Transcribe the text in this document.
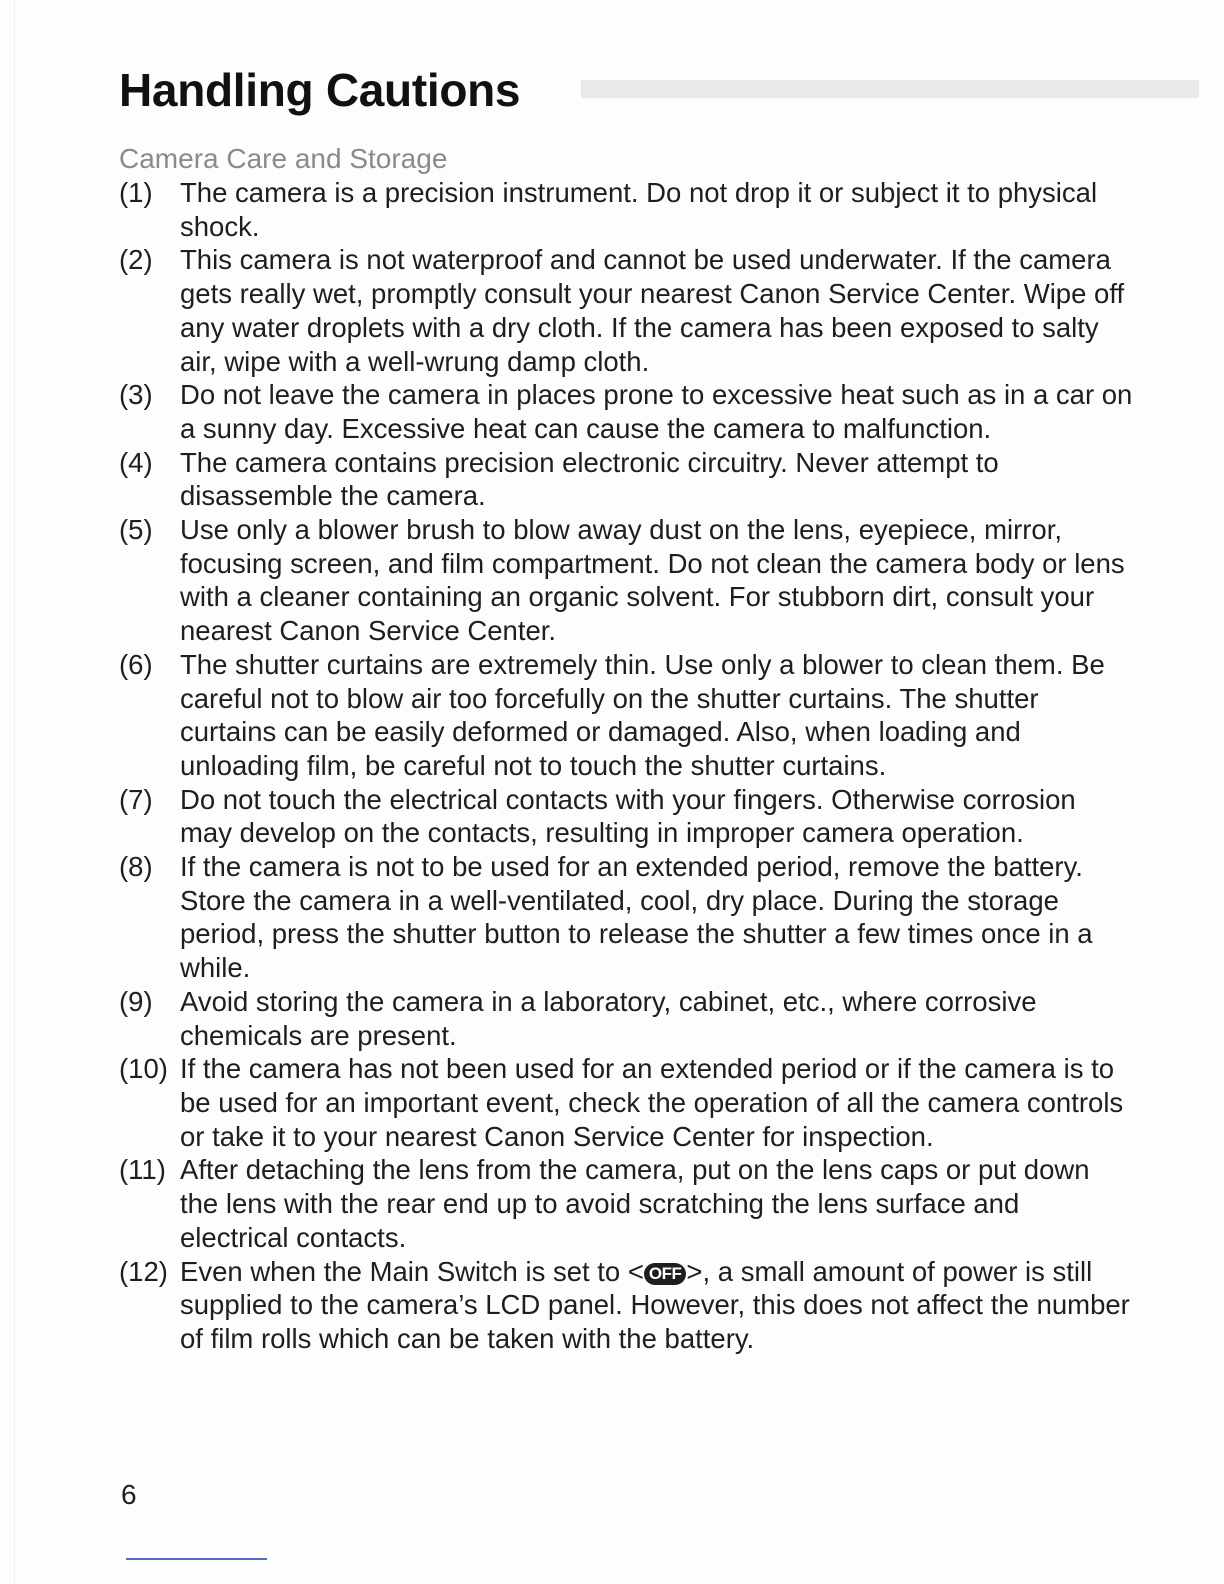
Handling Cautions
Camera Care and Storage
(1) The camera is a precision instrument. Do not drop it or subject it to physical shock.
(2) This camera is not waterproof and cannot be used underwater. If the camera gets really wet, promptly consult your nearest Canon Service Center. Wipe off any water droplets with a dry cloth. If the camera has been exposed to salty air, wipe with a well-wrung damp cloth.
(3) Do not leave the camera in places prone to excessive heat such as in a car on a sunny day. Excessive heat can cause the camera to malfunction.
(4) The camera contains precision electronic circuitry. Never attempt to disassemble the camera.
(5) Use only a blower brush to blow away dust on the lens, eyepiece, mirror, focusing screen, and film compartment. Do not clean the camera body or lens with a cleaner containing an organic solvent. For stubborn dirt, consult your nearest Canon Service Center.
(6) The shutter curtains are extremely thin. Use only a blower to clean them. Be careful not to blow air too forcefully on the shutter curtains. The shutter curtains can be easily deformed or damaged. Also, when loading and unloading film, be careful not to touch the shutter curtains.
(7) Do not touch the electrical contacts with your fingers. Otherwise corrosion may develop on the contacts, resulting in improper camera operation.
(8) If the camera is not to be used for an extended period, remove the battery. Store the camera in a well-ventilated, cool, dry place. During the storage period, press the shutter button to release the shutter a few times once in a while.
(9) Avoid storing the camera in a laboratory, cabinet, etc., where corrosive chemicals are present.
(10) If the camera has not been used for an extended period or if the camera is to be used for an important event, check the operation of all the camera controls or take it to your nearest Canon Service Center for inspection.
(11) After detaching the lens from the camera, put on the lens caps or put down the lens with the rear end up to avoid scratching the lens surface and electrical contacts.
(12) Even when the Main Switch is set to < OFF >, a small amount of power is still supplied to the camera’s LCD panel. However, this does not affect the number of film rolls which can be taken with the battery.
6
